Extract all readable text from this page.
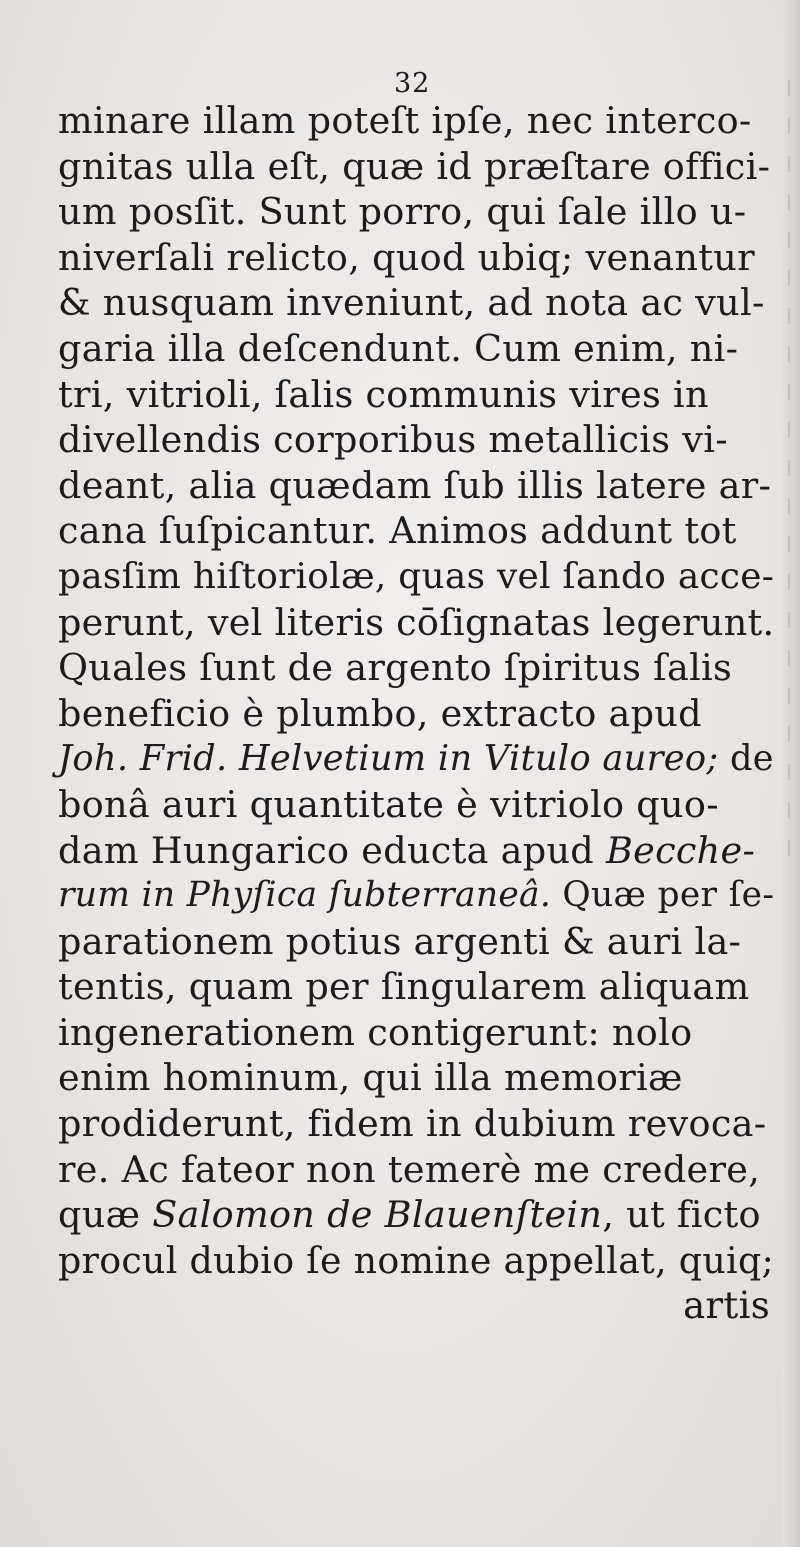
32
minare illam poteſt ipſe, nec interco-
gnitas ulla eſt, quæ id præſtare offici-
um posſit. Sunt porro, qui ſale illo u-
niverſali relicto, quod ubiq; venantur
& nusquam inveniunt, ad nota ac vul-
garia illa deſcendunt. Cum enim, ni-
tri, vitrioli, ſalis communis vires in
divellendis corporibus metallicis vi-
deant, alia quædam ſub illis latere ar-
cana ſuſpicantur. Animos addunt tot
pasſim hiſtoriolæ, quas vel ſando acce-
perunt, vel literis cōſignatas legerunt.
Quales ſunt de argento ſpiritus ſalis
beneficio è plumbo, extracto apud
Joh. Frid. Helvetium in Vitulo aureo; de
bonâ auri quantitate è vitriolo quo-
dam Hungarico educta apud Becche-
rum in Phyſica ſubterraneâ. Quæ per ſe-
parationem potius argenti & auri la-
tentis, quam per ſingularem aliquam
ingenerationem contigerunt: nolo
enim hominum, qui illa memoriæ
prodiderunt, fidem in dubium revoca-
re. Ac fateor non temerè me credere,
quæ Salomon de Blauenſtein, ut ficto
procul dubio ſe nomine appellat, quiq;
artis
